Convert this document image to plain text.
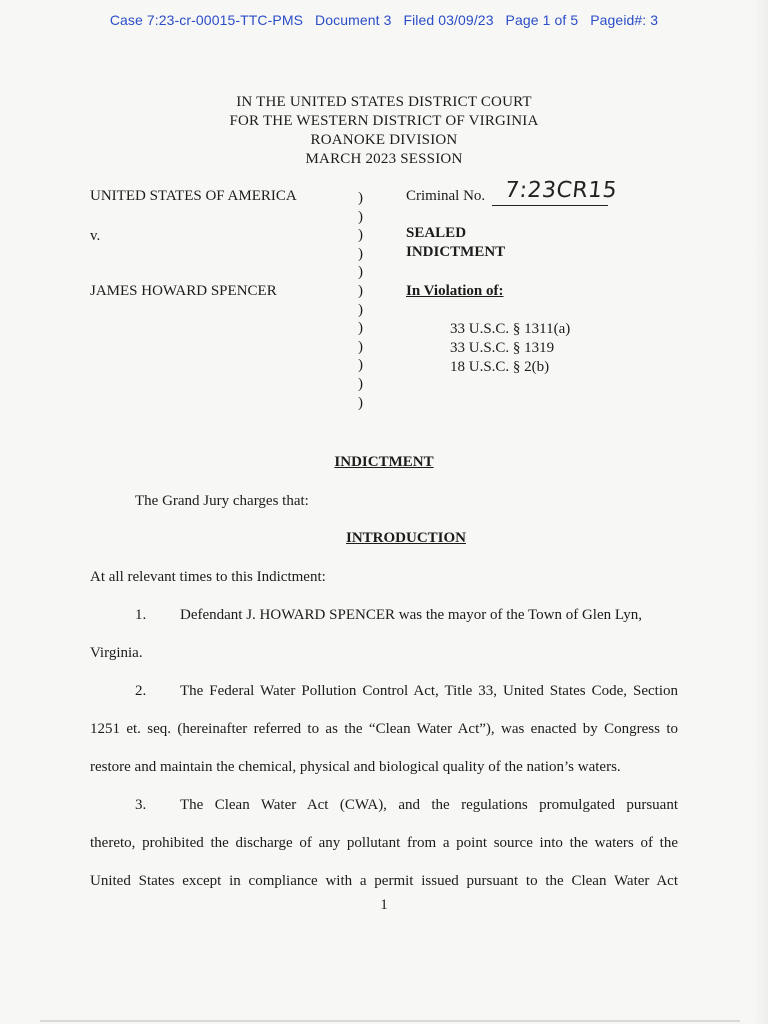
Case 7:23-cr-00015-TTC-PMS   Document 3   Filed 03/09/23   Page 1 of 5   Pageid#: 3
IN THE UNITED STATES DISTRICT COURT
FOR THE WESTERN DISTRICT OF VIRGINIA
ROANOKE DIVISION
MARCH 2023 SESSION
UNITED STATES OF AMERICA
v.
JAMES HOWARD SPENCER
)
)
)
)
)
)
)
)
)
)
)
)
Criminal No. 7:23CR15
SEALED
INDICTMENT
In Violation of:
33 U.S.C. § 1311(a)
33 U.S.C. § 1319
18 U.S.C. § 2(b)
INDICTMENT
The Grand Jury charges that:
INTRODUCTION
At all relevant times to this Indictment:
1. Defendant J. HOWARD SPENCER was the mayor of the Town of Glen Lyn,
Virginia.
2. The Federal Water Pollution Control Act, Title 33, United States Code, Section
1251 et. seq. (hereinafter referred to as the “Clean Water Act”), was enacted by Congress to
restore and maintain the chemical, physical and biological quality of the nation’s waters.
3. The Clean Water Act (CWA), and the regulations promulgated pursuant
thereto, prohibited the discharge of any pollutant from a point source into the waters of the
United States except in compliance with a permit issued pursuant to the Clean Water Act
1
